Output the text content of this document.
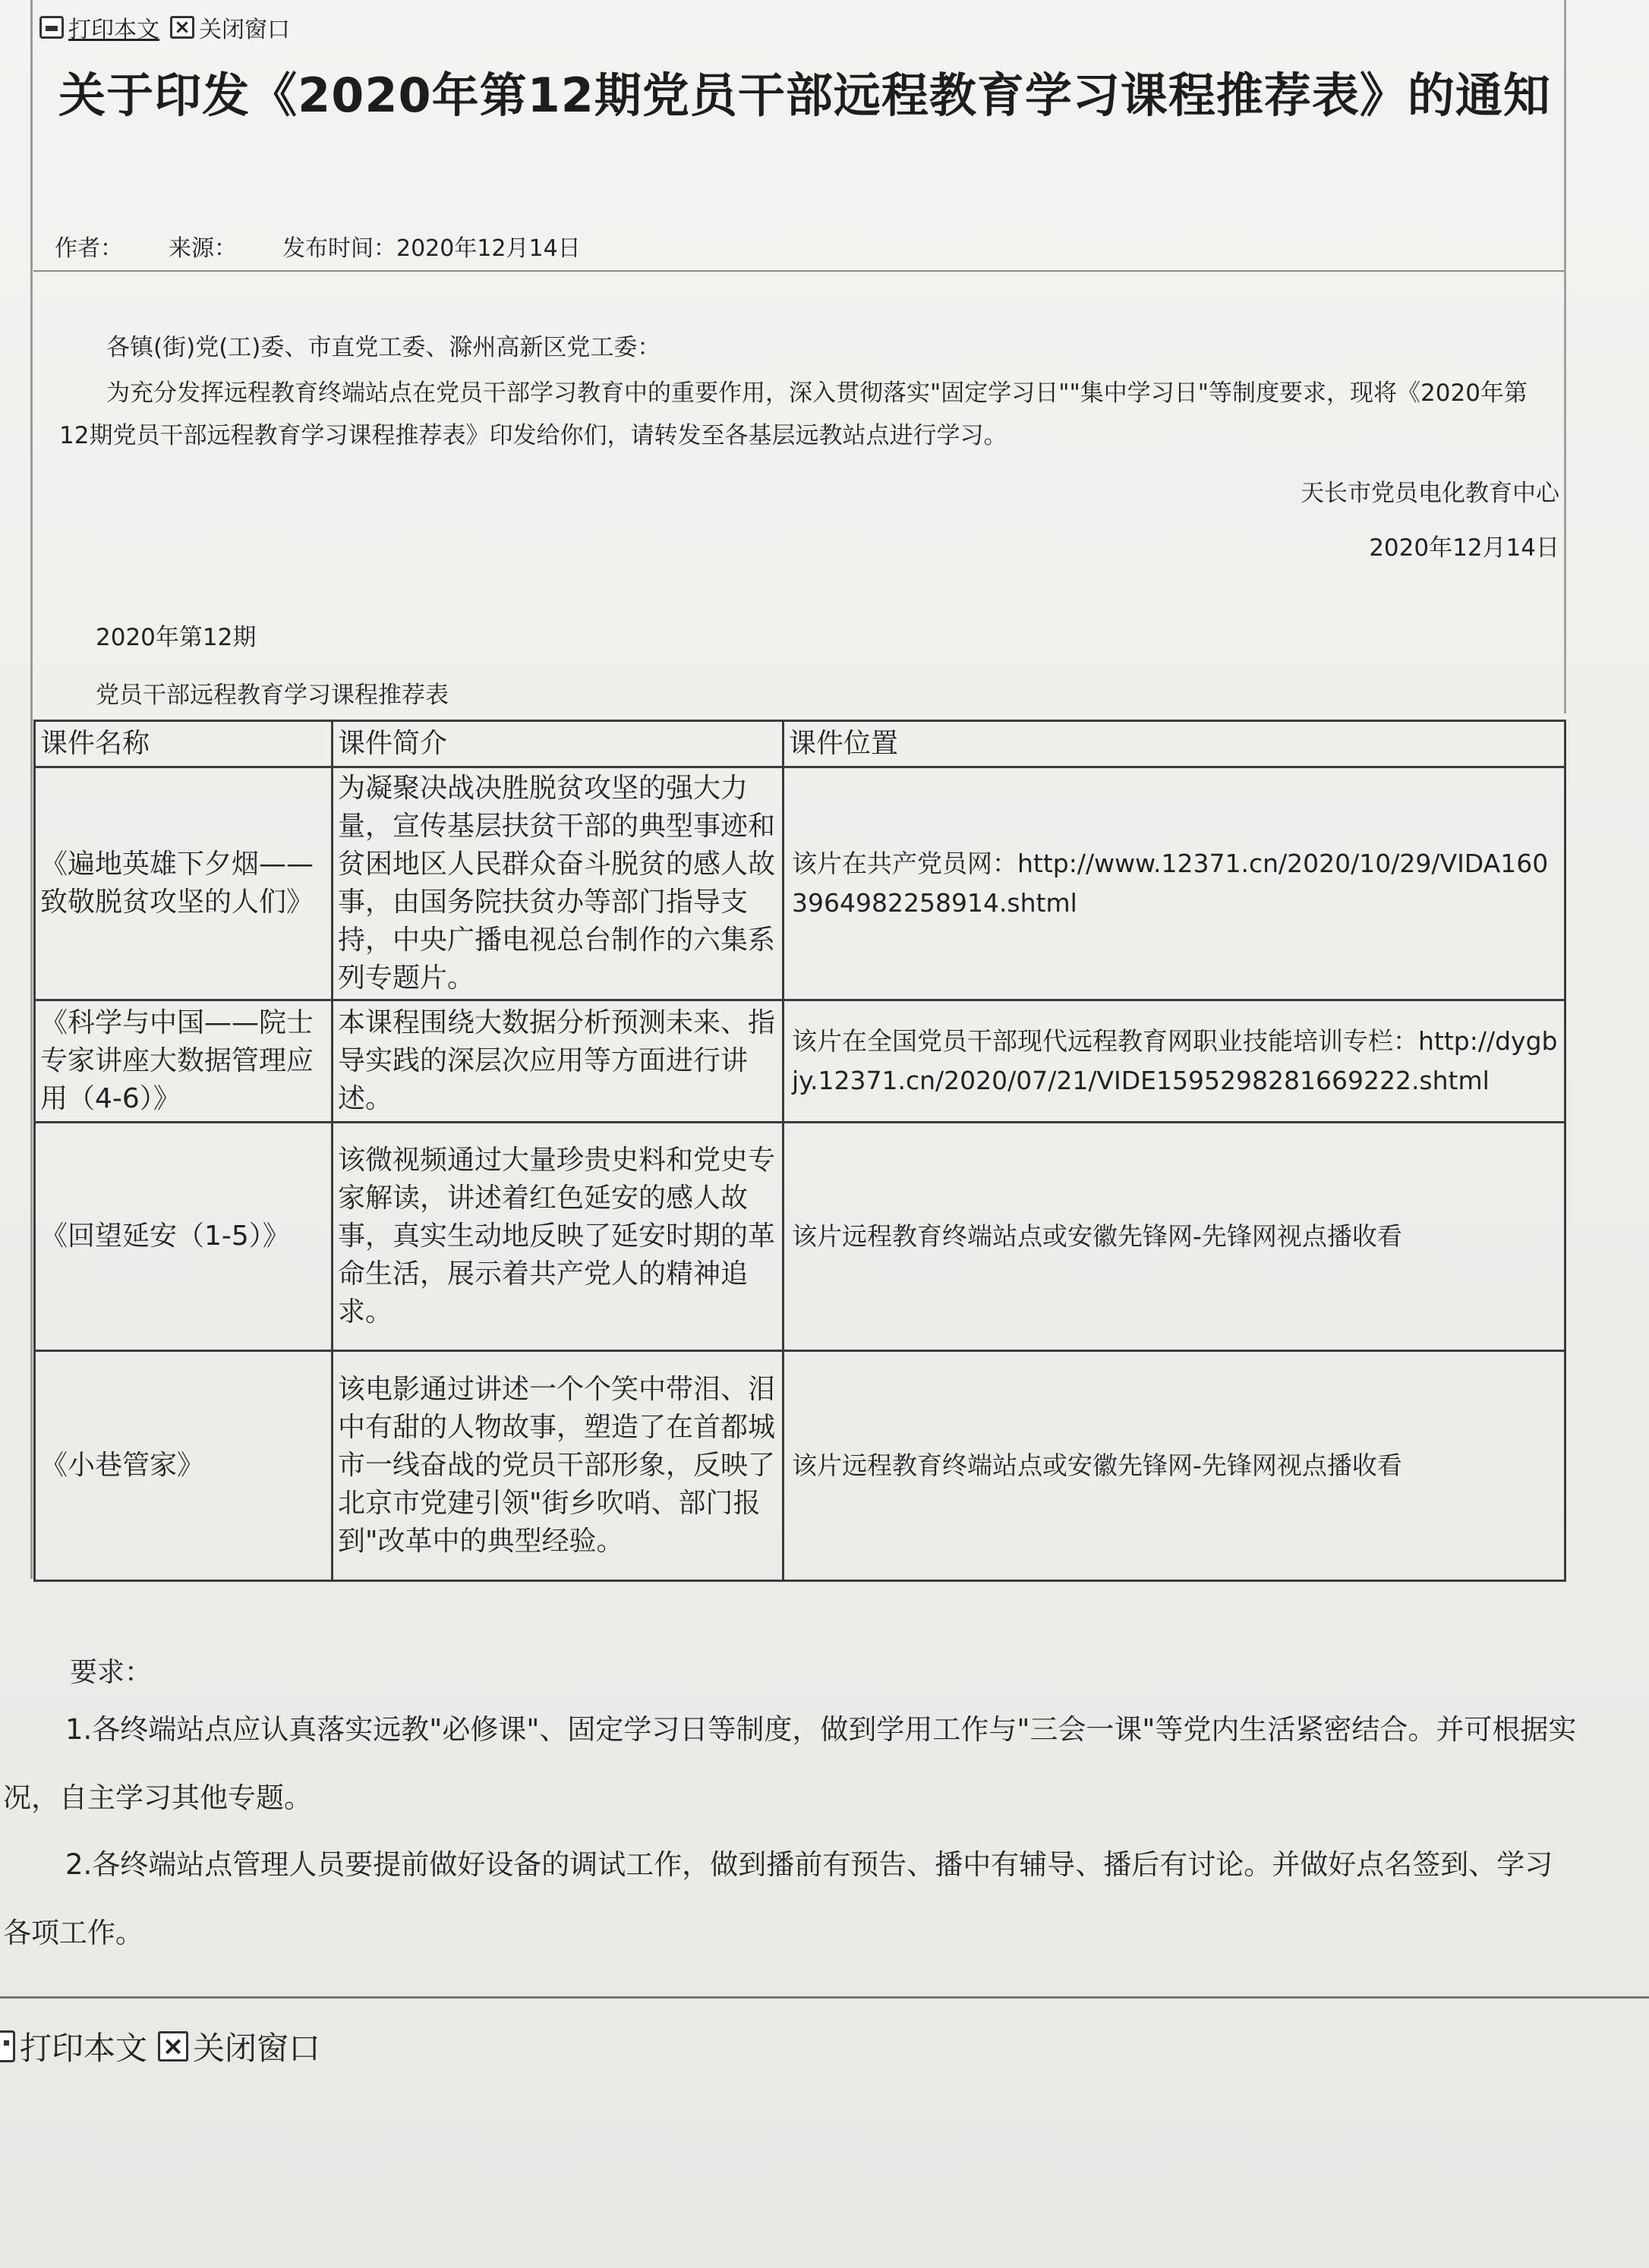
打印本文 × 关闭窗口
关于印发《2020年第12期党员干部远程教育学习课程推荐表》的通知
作者： 来源： 发布时间：2020年12月14日
各镇(街)党(工)委、市直党工委、滁州高新区党工委：
为充分发挥远程教育终端站点在党员干部学习教育中的重要作用，深入贯彻落实"固定学习日""集中学习日"等制度要求，现将《2020年第12期党员干部远程教育学习课程推荐表》印发给你们，请转发至各基层远教站点进行学习。
天长市党员电化教育中心
2020年12月14日
2020年第12期
党员干部远程教育学习课程推荐表
课件名称	课件简介	课件位置
《遍地英雄下夕烟——致敬脱贫攻坚的人们》	为凝聚决战决胜脱贫攻坚的强大力量，宣传基层扶贫干部的典型事迹和贫困地区人民群众奋斗脱贫的感人故事，由国务院扶贫办等部门指导支持，中央广播电视总台制作的六集系列专题片。	该片在共产党员网：http://www.12371.cn/2020/10/29/VIDA1603964982258914.shtml
《科学与中国——院士专家讲座大数据管理应用（4-6）》	本课程围绕大数据分析预测未来、指导实践的深层次应用等方面进行讲述。	该片在全国党员干部现代远程教育网职业技能培训专栏：http://dygbjy.12371.cn/2020/07/21/VIDE1595298281669222.shtml
《回望延安（1-5）》	该微视频通过大量珍贵史料和党史专家解读，讲述着红色延安的感人故事，真实生动地反映了延安时期的革命生活，展示着共产党人的精神追求。	该片远程教育终端站点或安徽先锋网-先锋网视点播收看
《小巷管家》	该电影通过讲述一个个笑中带泪、泪中有甜的人物故事，塑造了在首都城市一线奋战的党员干部形象，反映了北京市党建引领"街乡吹哨、部门报到"改革中的典型经验。	该片远程教育终端站点或安徽先锋网-先锋网视点播收看
要求：
1.各终端站点应认真落实远教"必修课"、固定学习日等制度，做到学用工作与"三会一课"等党内生活紧密结合。并可根据实
况，自主学习其他专题。
2.各终端站点管理人员要提前做好设备的调试工作，做到播前有预告、播中有辅导、播后有讨论。并做好点名签到、学习
各项工作。
打印本文 × 关闭窗口
